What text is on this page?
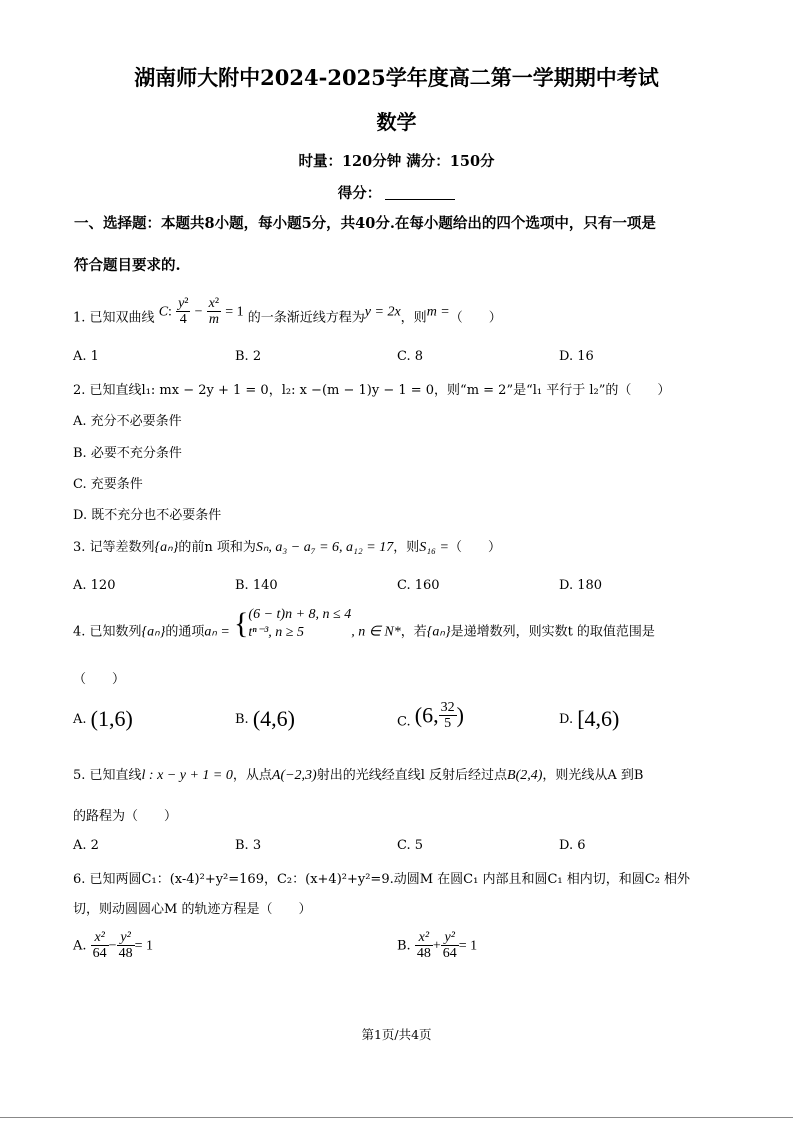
湖南师大附中2024-2025学年度高二第一学期期中考试
数学
时量：120分钟 满分：150分
得分：
一、选择题：本题共8小题，每小题5分，共40分.在每小题给出的四个选项中，只有一项是
符合题目要求的.
1. 已知双曲线 C: $\frac{\text{y²}}{4} - \frac{\text{x²}}{m} = 1$ 的一条渐近线方程为y = 2x，则m =（　　）
A. 1	B. 2	C. 8	D. 16
2. 已知直线l₁: mx − 2y + 1 = 0，l₂: x −(m − 1)y − 1 = 0，则“m = 2”是“l₁ 平行于 l₂”的（　　）
A. 充分不必要条件
B. 必要不充分条件
C. 充要条件
D. 既不充分也不必要条件
3. 记等差数列{aₙ}的前n 项和为Sₙ, a₃ − a₇ = 6, a₁₂ = 17，则S₁₆ =（　　）
A. 120	B. 140	C. 160	D. 180
4. 已知数列{aₙ}的通项aₙ = { (6 − t)n + 8, n ≤ 4
tⁿ⁻³, n ≥ 5	, n ∈ N*，若{aₙ}是递增数列，则实数t 的取值范围是
（　　）
A. (1,6)	B. (4,6)	C. (6, $\frac{32}{5}$ )	D. [4,6)
5. 已知直线l : x − y + 1 = 0，从点A(−2,3)射出的光线经直线l 反射后经过点B(2,4)，则光线从A 到B
的路程为（　　）
A. 2	B. 3	C. 5	D. 6
6. 已知两圆C₁：(x-4)²+y²=169，C₂：(x+4)²+y²=9.动圆M 在圆C₁ 内部且和圆C₁ 相内切，和圆C₂ 相外
切，则动圆圆心M 的轨迹方程是（　　）
A. $\frac{\text{x²}}{64} - \frac{\text{y²}}{48} = 1$	B. $\frac{\text{x²}}{48} + \frac{\text{y²}}{64} = 1$
第1页/共4页
